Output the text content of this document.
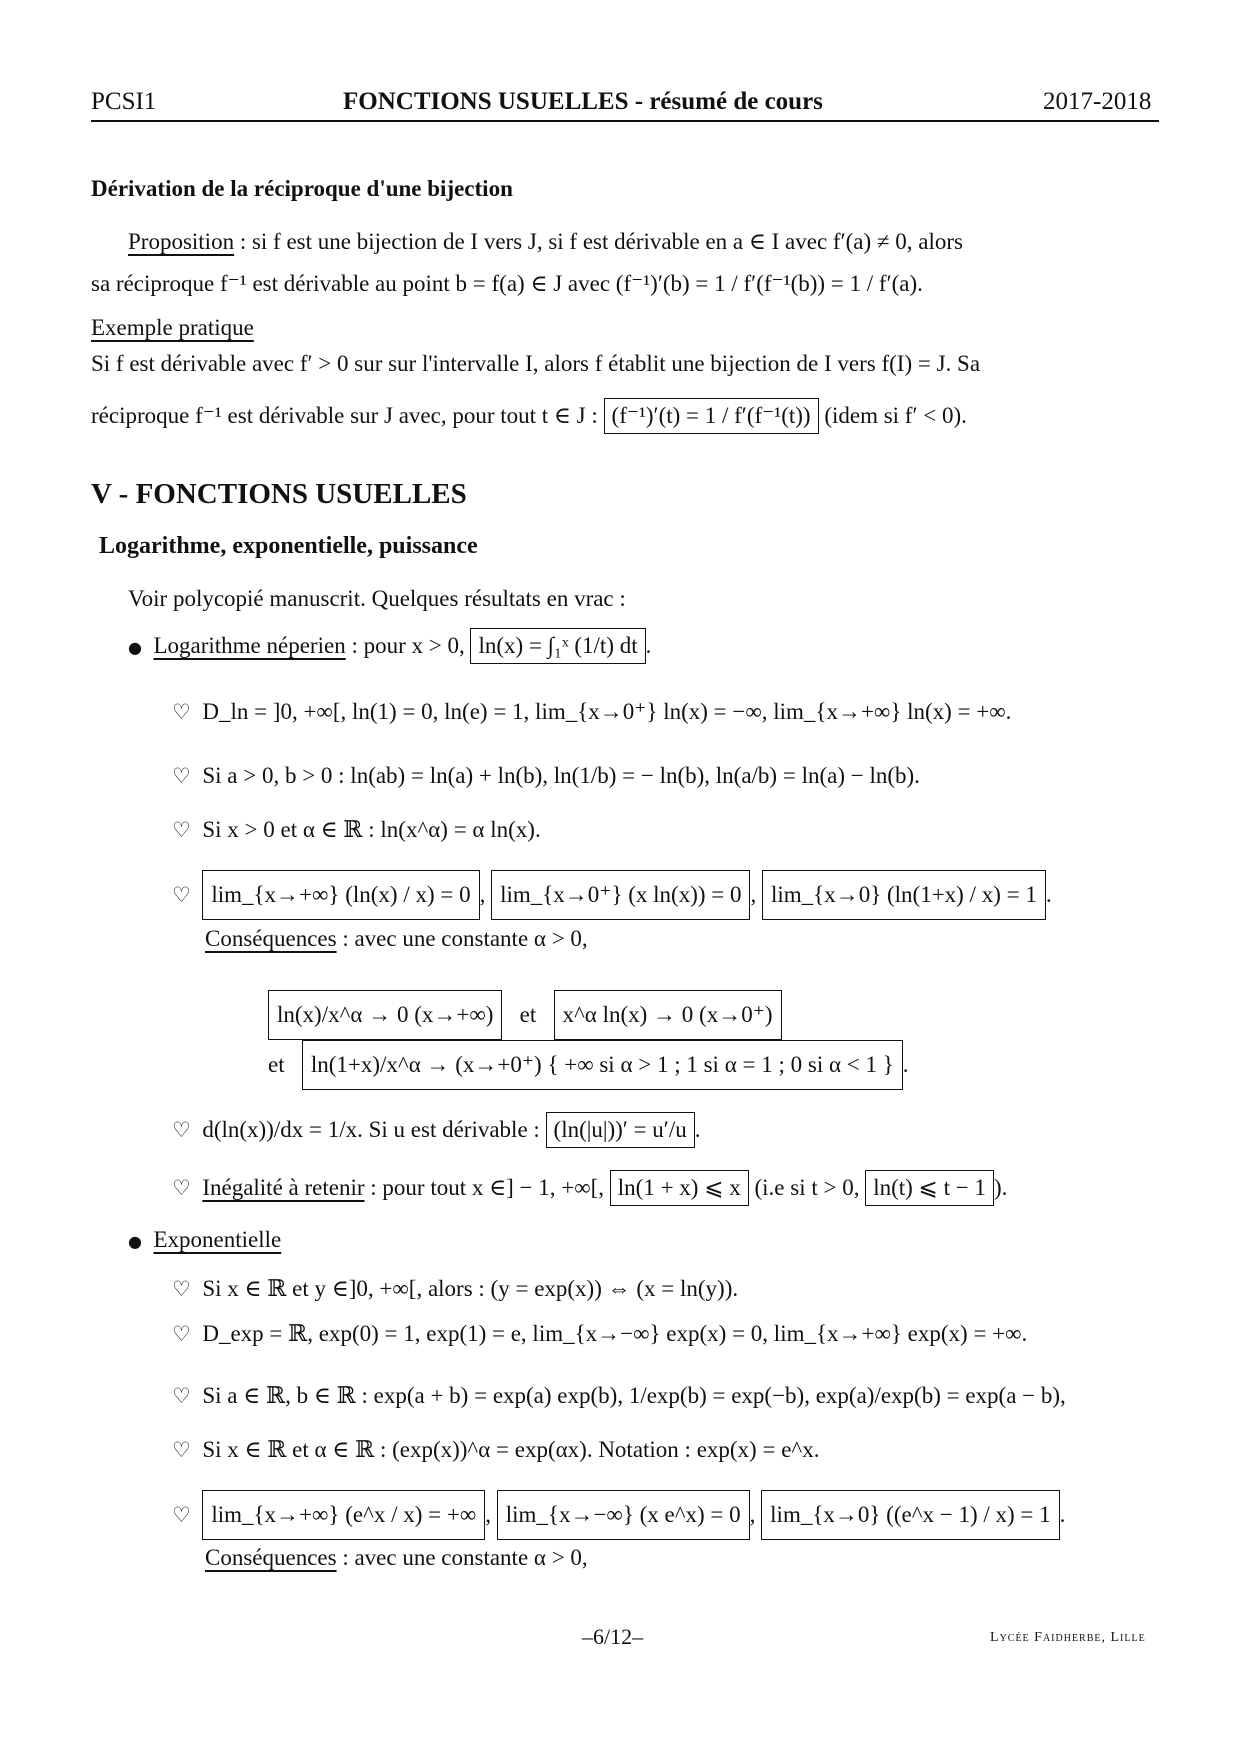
PCSI1	FONCTIONS USUELLES - résumé de cours	2017-2018
Dérivation de la réciproque d'une bijection
Proposition : si f est une bijection de I vers J, si f est dérivable en a ∈ I avec f′(a) ≠ 0, alors
sa réciproque f⁻¹ est dérivable au point b = f(a) ∈ J avec (f⁻¹)′(b) = 1 / f′(f⁻¹(b)) = 1 / f′(a).
Exemple pratique
Si f est dérivable avec f′ > 0 sur sur l'intervalle I, alors f établit une bijection de I vers f(I) = J. Sa
réciproque f⁻¹ est dérivable sur J avec, pour tout t ∈ J : (f⁻¹)′(t) = 1 / f′(f⁻¹(t)) (idem si f′ < 0).
V - FONCTIONS USUELLES
Logarithme, exponentielle, puissance
Voir polycopié manuscrit. Quelques résultats en vrac :
● Logarithme néperien : pour x > 0, ln(x) = ∫₁ˣ (1/t) dt .
♡ D_ln = ]0, +∞[, ln(1) = 0, ln(e) = 1, lim_{x→0⁺} ln(x) = −∞, lim_{x→+∞} ln(x) = +∞.
♡ Si a > 0, b > 0 : ln(ab) = ln(a) + ln(b), ln(1/b) = − ln(b), ln(a/b) = ln(a) − ln(b).
♡ Si x > 0 et α ∈ ℝ : ln(x^α) = α ln(x).
♡ lim_{x→+∞} (ln(x) / x) = 0 , lim_{x→0⁺} (x ln(x)) = 0 , lim_{x→0} (ln(1+x) / x) = 1 .
Conséquences : avec une constante α > 0,
ln(x)/x^α → 0 (x→+∞) et x^α ln(x) → 0 (x→0⁺)
et ln(1+x)/x^α → (x→+0⁺) { +∞ si α > 1 ; 1 si α = 1 ; 0 si α < 1 } .
♡ d(ln(x))/dx = 1/x. Si u est dérivable : (ln(|u|))′ = u′/u .
♡ Inégalité à retenir : pour tout x ∈] − 1, +∞[, ln(1 + x) ⩽ x (i.e si t > 0, ln(t) ⩽ t − 1 ).
● Exponentielle
♡ Si x ∈ ℝ et y ∈]0, +∞[, alors : (y = exp(x)) ⇔ (x = ln(y)).
♡ D_exp = ℝ, exp(0) = 1, exp(1) = e, lim_{x→−∞} exp(x) = 0, lim_{x→+∞} exp(x) = +∞.
♡ Si a ∈ ℝ, b ∈ ℝ : exp(a + b) = exp(a) exp(b), 1/exp(b) = exp(−b), exp(a)/exp(b) = exp(a − b),
♡ Si x ∈ ℝ et α ∈ ℝ : (exp(x))^α = exp(αx). Notation : exp(x) = e^x.
♡ lim_{x→+∞} (e^x / x) = +∞ , lim_{x→−∞} (x e^x) = 0 , lim_{x→0} ((e^x − 1) / x) = 1 .
Conséquences : avec une constante α > 0,
–6/12–	Lycée Faidherbe, Lille
